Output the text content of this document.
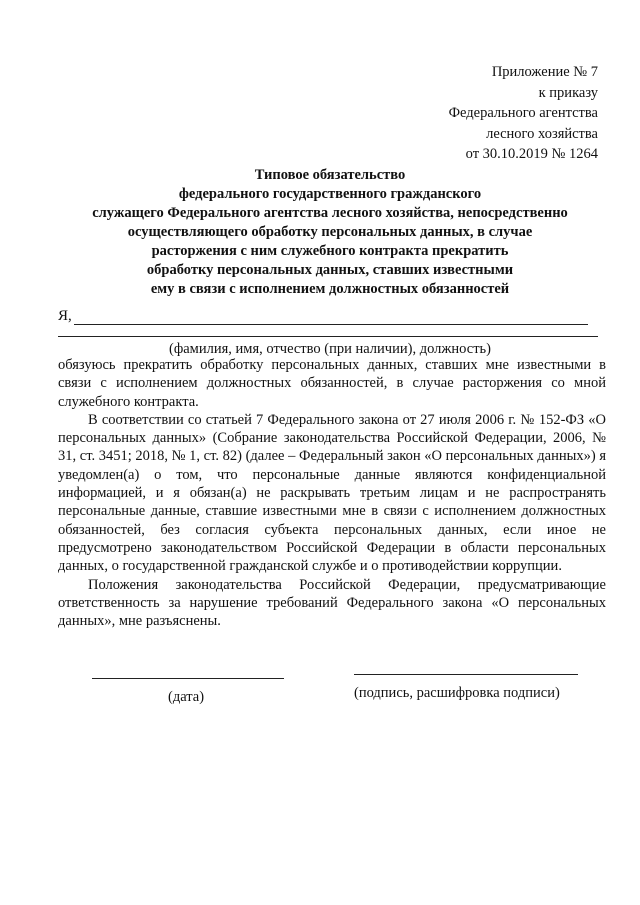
Приложение № 7
к приказу
Федерального агентства
лесного хозяйства
от 30.10.2019 № 1264
Типовое обязательство
федерального государственного гражданского
служащего Федерального агентства лесного хозяйства, непосредственно
осуществляющего обработку персональных данных, в случае
расторжения с ним служебного контракта прекратить
обработку персональных данных, ставших известными
ему в связи с исполнением должностных обязанностей
Я,
(фамилия, имя, отчество (при наличии), должность)

обязуюсь прекратить обработку персональных данных, ставших мне известными в связи с исполнением должностных обязанностей, в случае расторжения со мной служебного контракта.

В соответствии со статьей 7 Федерального закона от 27 июля 2006 г. № 152-ФЗ «О персональных данных» (Собрание законодательства Российской Федерации, 2006, № 31, ст. 3451; 2018, № 1, ст. 82) (далее – Федеральный закон «О персональных данных») я уведомлен(а) о том, что персональные данные являются конфиденциальной информацией, и я обязан(а) не раскрывать третьим лицам и не распространять персональные данные, ставшие известными мне в связи с исполнением должностных обязанностей, без согласия субъекта персональных данных, если иное не предусмотрено законодательством Российской Федерации в области персональных данных, о государственной гражданской службе и о противодействии коррупции.

Положения законодательства Российской Федерации, предусматривающие ответственность за нарушение требований Федерального закона «О персональных данных», мне разъяснены.

(дата)	(подпись, расшифровка подписи)
